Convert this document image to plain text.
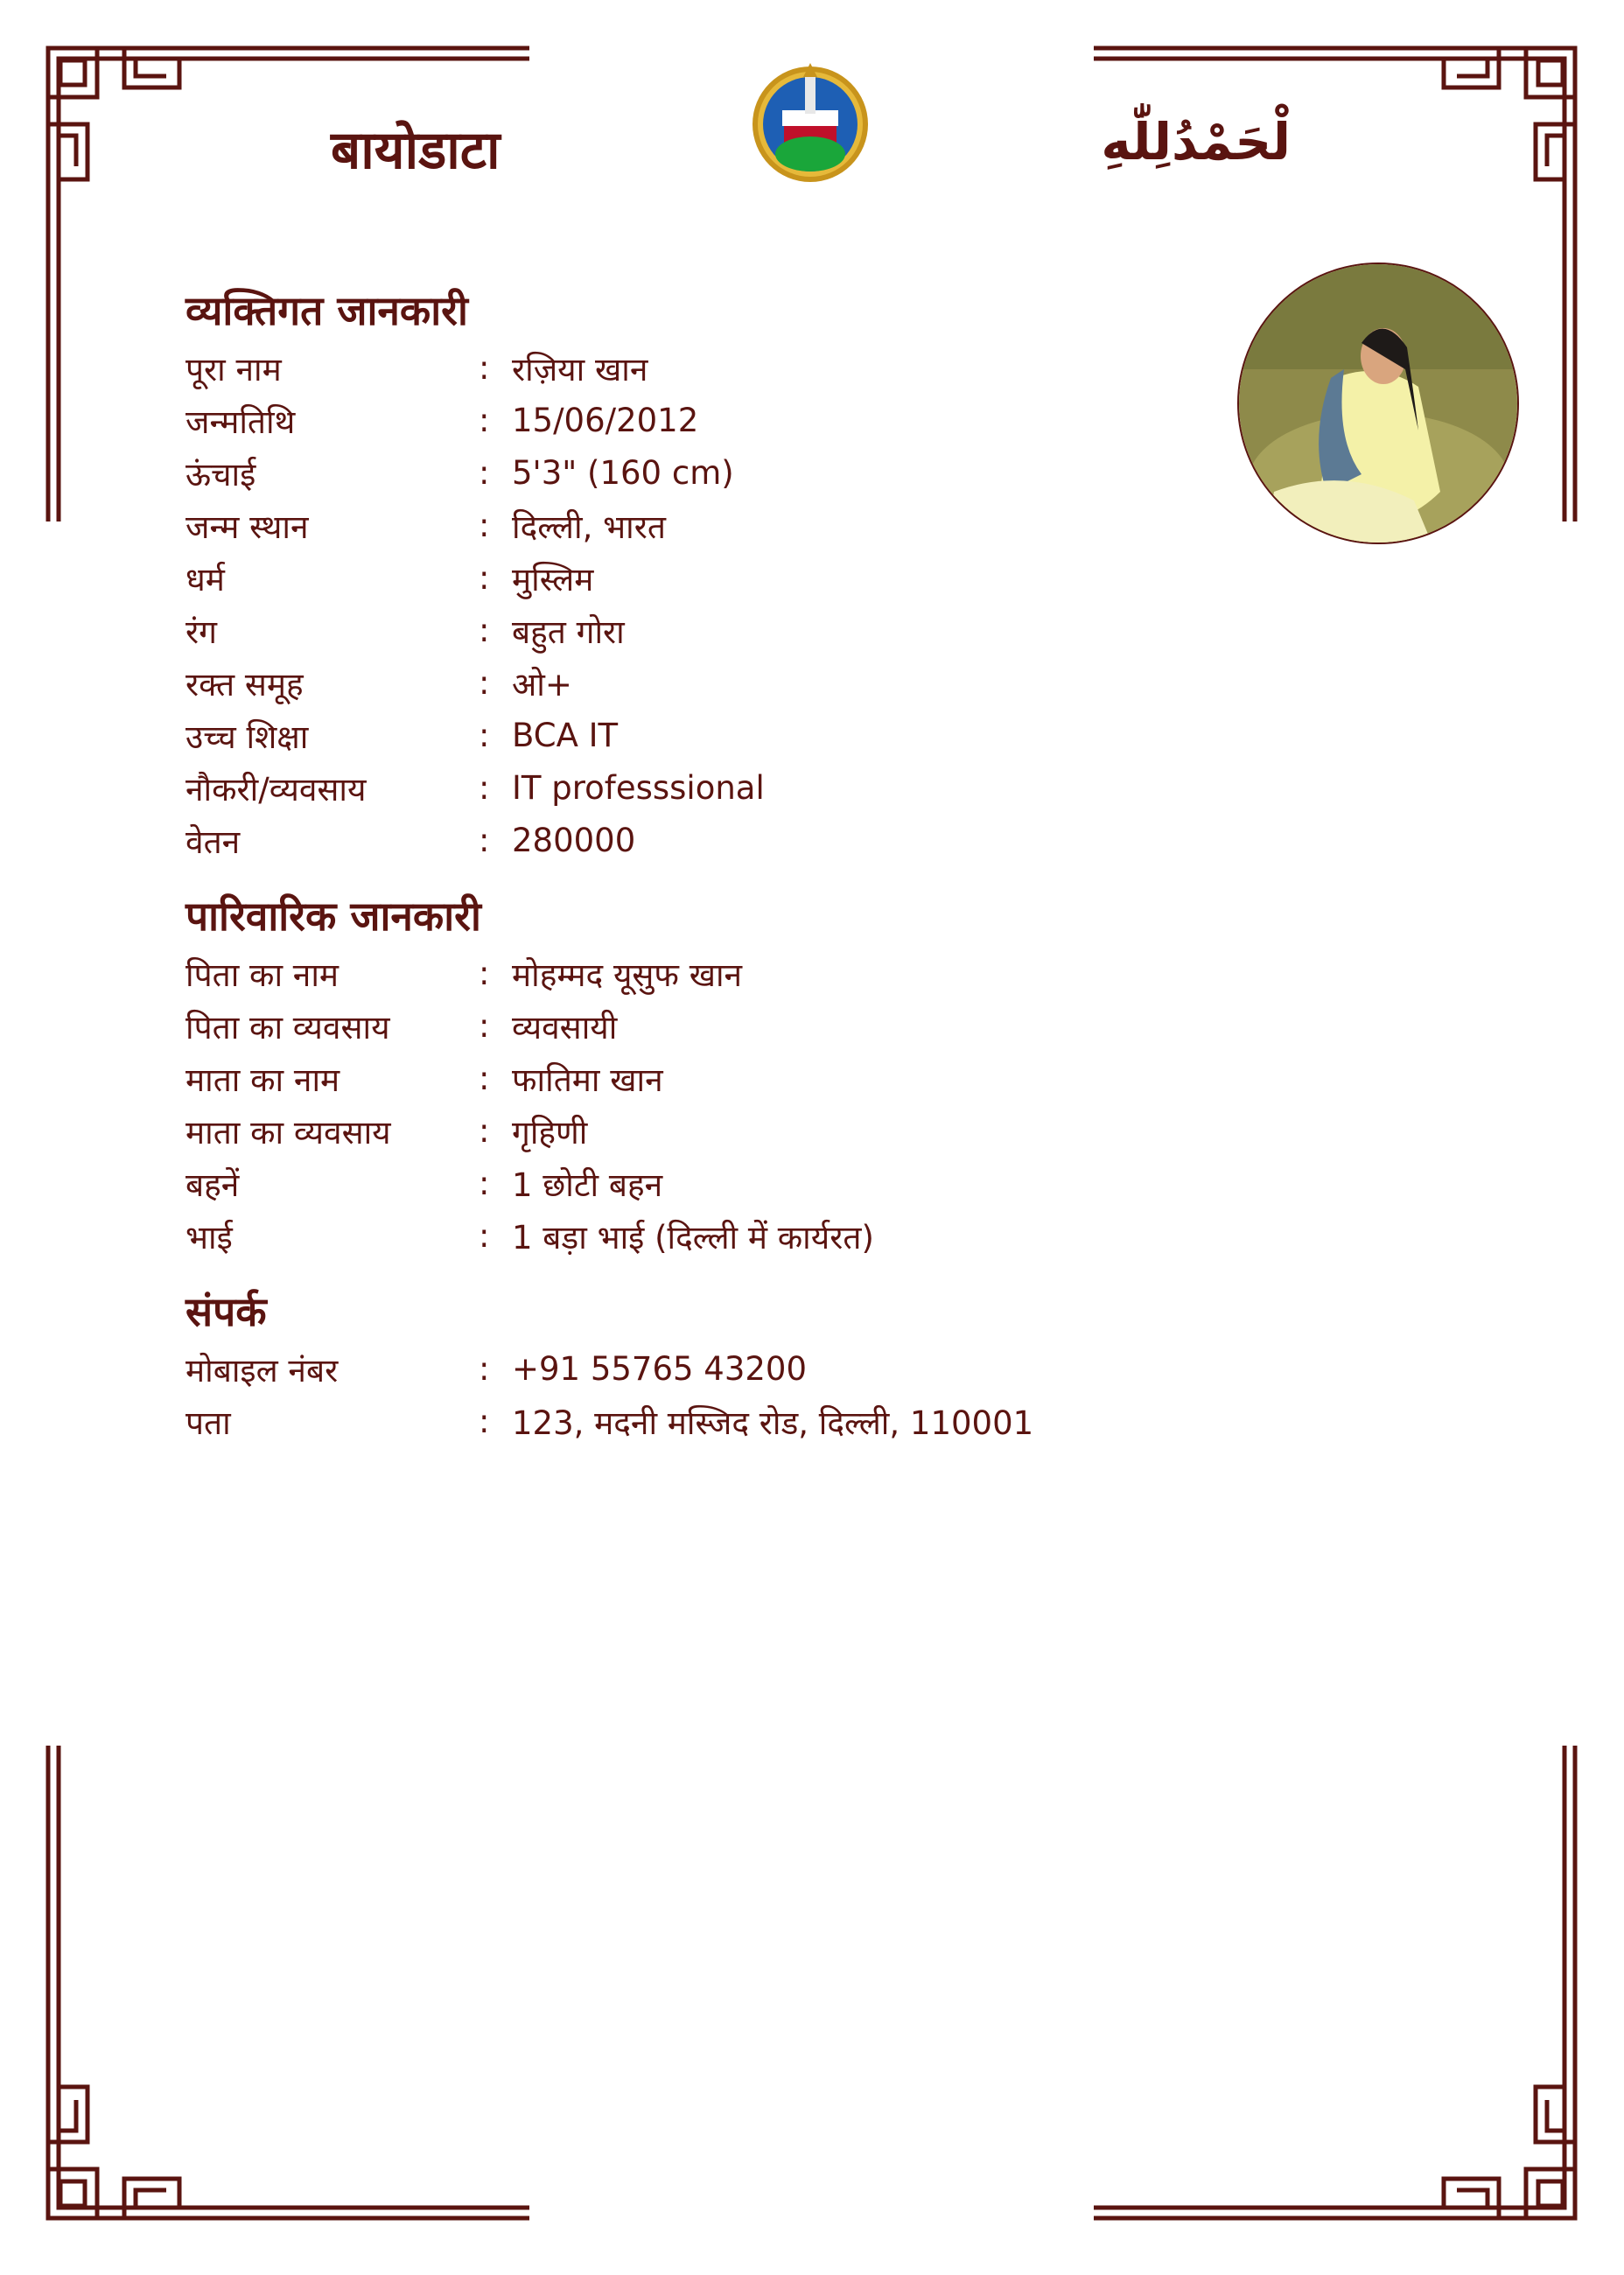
बायोडाटा	لْحَمْدُلِلّٰهِ
व्यक्तिगत जानकारी
पूरा नाम	: रज़िया खान
जन्मतिथि	: 15/06/2012
ऊंचाई	: 5'3" (160 cm)
जन्म स्थान	: दिल्ली, भारत
धर्म	: मुस्लिम
रंग	: बहुत गोरा
रक्त समूह	: ओ+
उच्च शिक्षा	: BCA IT
नौकरी/व्यवसाय	: IT professsional
वेतन	: 280000
पारिवारिक जानकारी
पिता का नाम	: मोहम्मद यूसुफ खान
पिता का व्यवसाय	: व्यवसायी
माता का नाम	: फातिमा खान
माता का व्यवसाय	: गृहिणी
बहनें	: 1 छोटी बहन
भाई	: 1 बड़ा भाई (दिल्ली में कार्यरत)
संपर्क
मोबाइल नंबर	: +91 55765 43200
पता	: 123, मदनी मस्जिद रोड, दिल्ली, 110001
